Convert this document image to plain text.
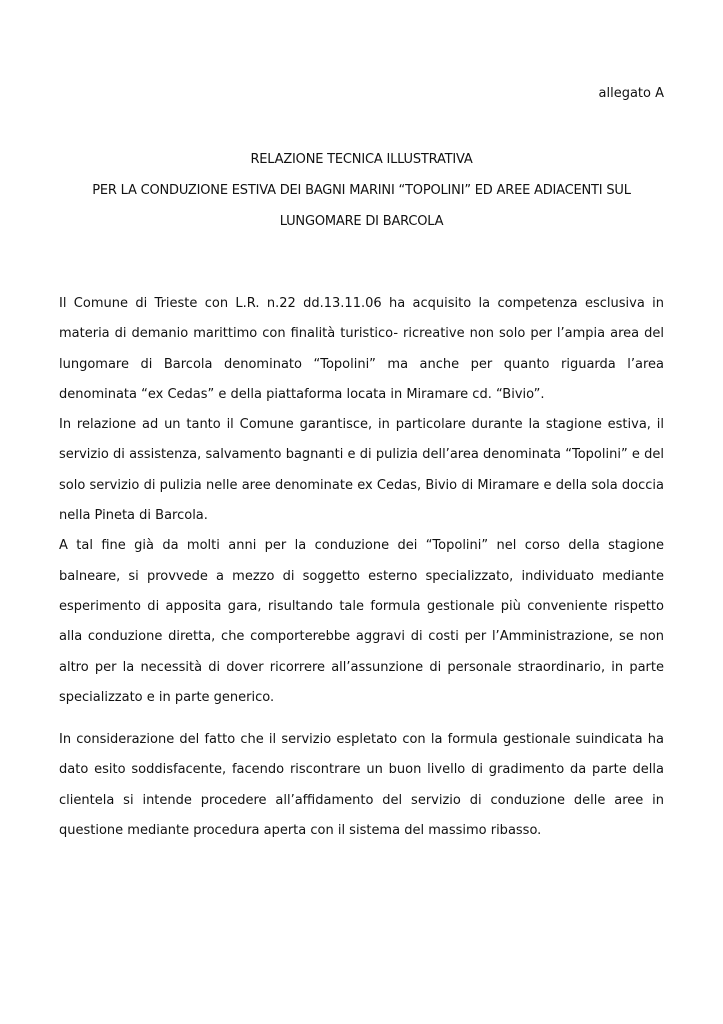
allegato A
RELAZIONE TECNICA ILLUSTRATIVA
PER LA CONDUZIONE ESTIVA DEI BAGNI MARINI “TOPOLINI” ED AREE ADIACENTI SUL
LUNGOMARE DI BARCOLA

Il Comune di Trieste con L.R. n.22 dd.13.11.06 ha acquisito la competenza esclusiva in materia di demanio marittimo con finalità turistico- ricreative non solo per l’ampia area del lungomare di Barcola denominato “Topolini” ma anche per quanto riguarda l’area denominata “ex Cedas” e della piattaforma locata in Miramare cd. “Bivio”.

In relazione ad un tanto il Comune garantisce, in particolare durante la stagione estiva, il servizio di assistenza, salvamento bagnanti e di pulizia dell’area denominata “Topolini” e del solo servizio di pulizia nelle aree denominate ex Cedas, Bivio di Miramare e della sola doccia nella Pineta di Barcola.

A tal fine già da molti anni per la conduzione dei “Topolini” nel corso della stagione balneare, si provvede a mezzo di soggetto esterno specializzato, individuato mediante esperimento di apposita gara, risultando tale formula gestionale più conveniente rispetto alla conduzione diretta, che comporterebbe aggravi di costi per l’Amministrazione, se non altro per la necessità di dover ricorrere all’assunzione di personale straordinario, in parte specializzato e in parte generico.

In considerazione del fatto che il servizio espletato con la formula gestionale suindicata ha dato esito soddisfacente, facendo riscontrare un buon livello di gradimento da parte della clientela si intende procedere all’affidamento del servizio di conduzione delle aree in questione mediante procedura aperta con il sistema del massimo ribasso.
